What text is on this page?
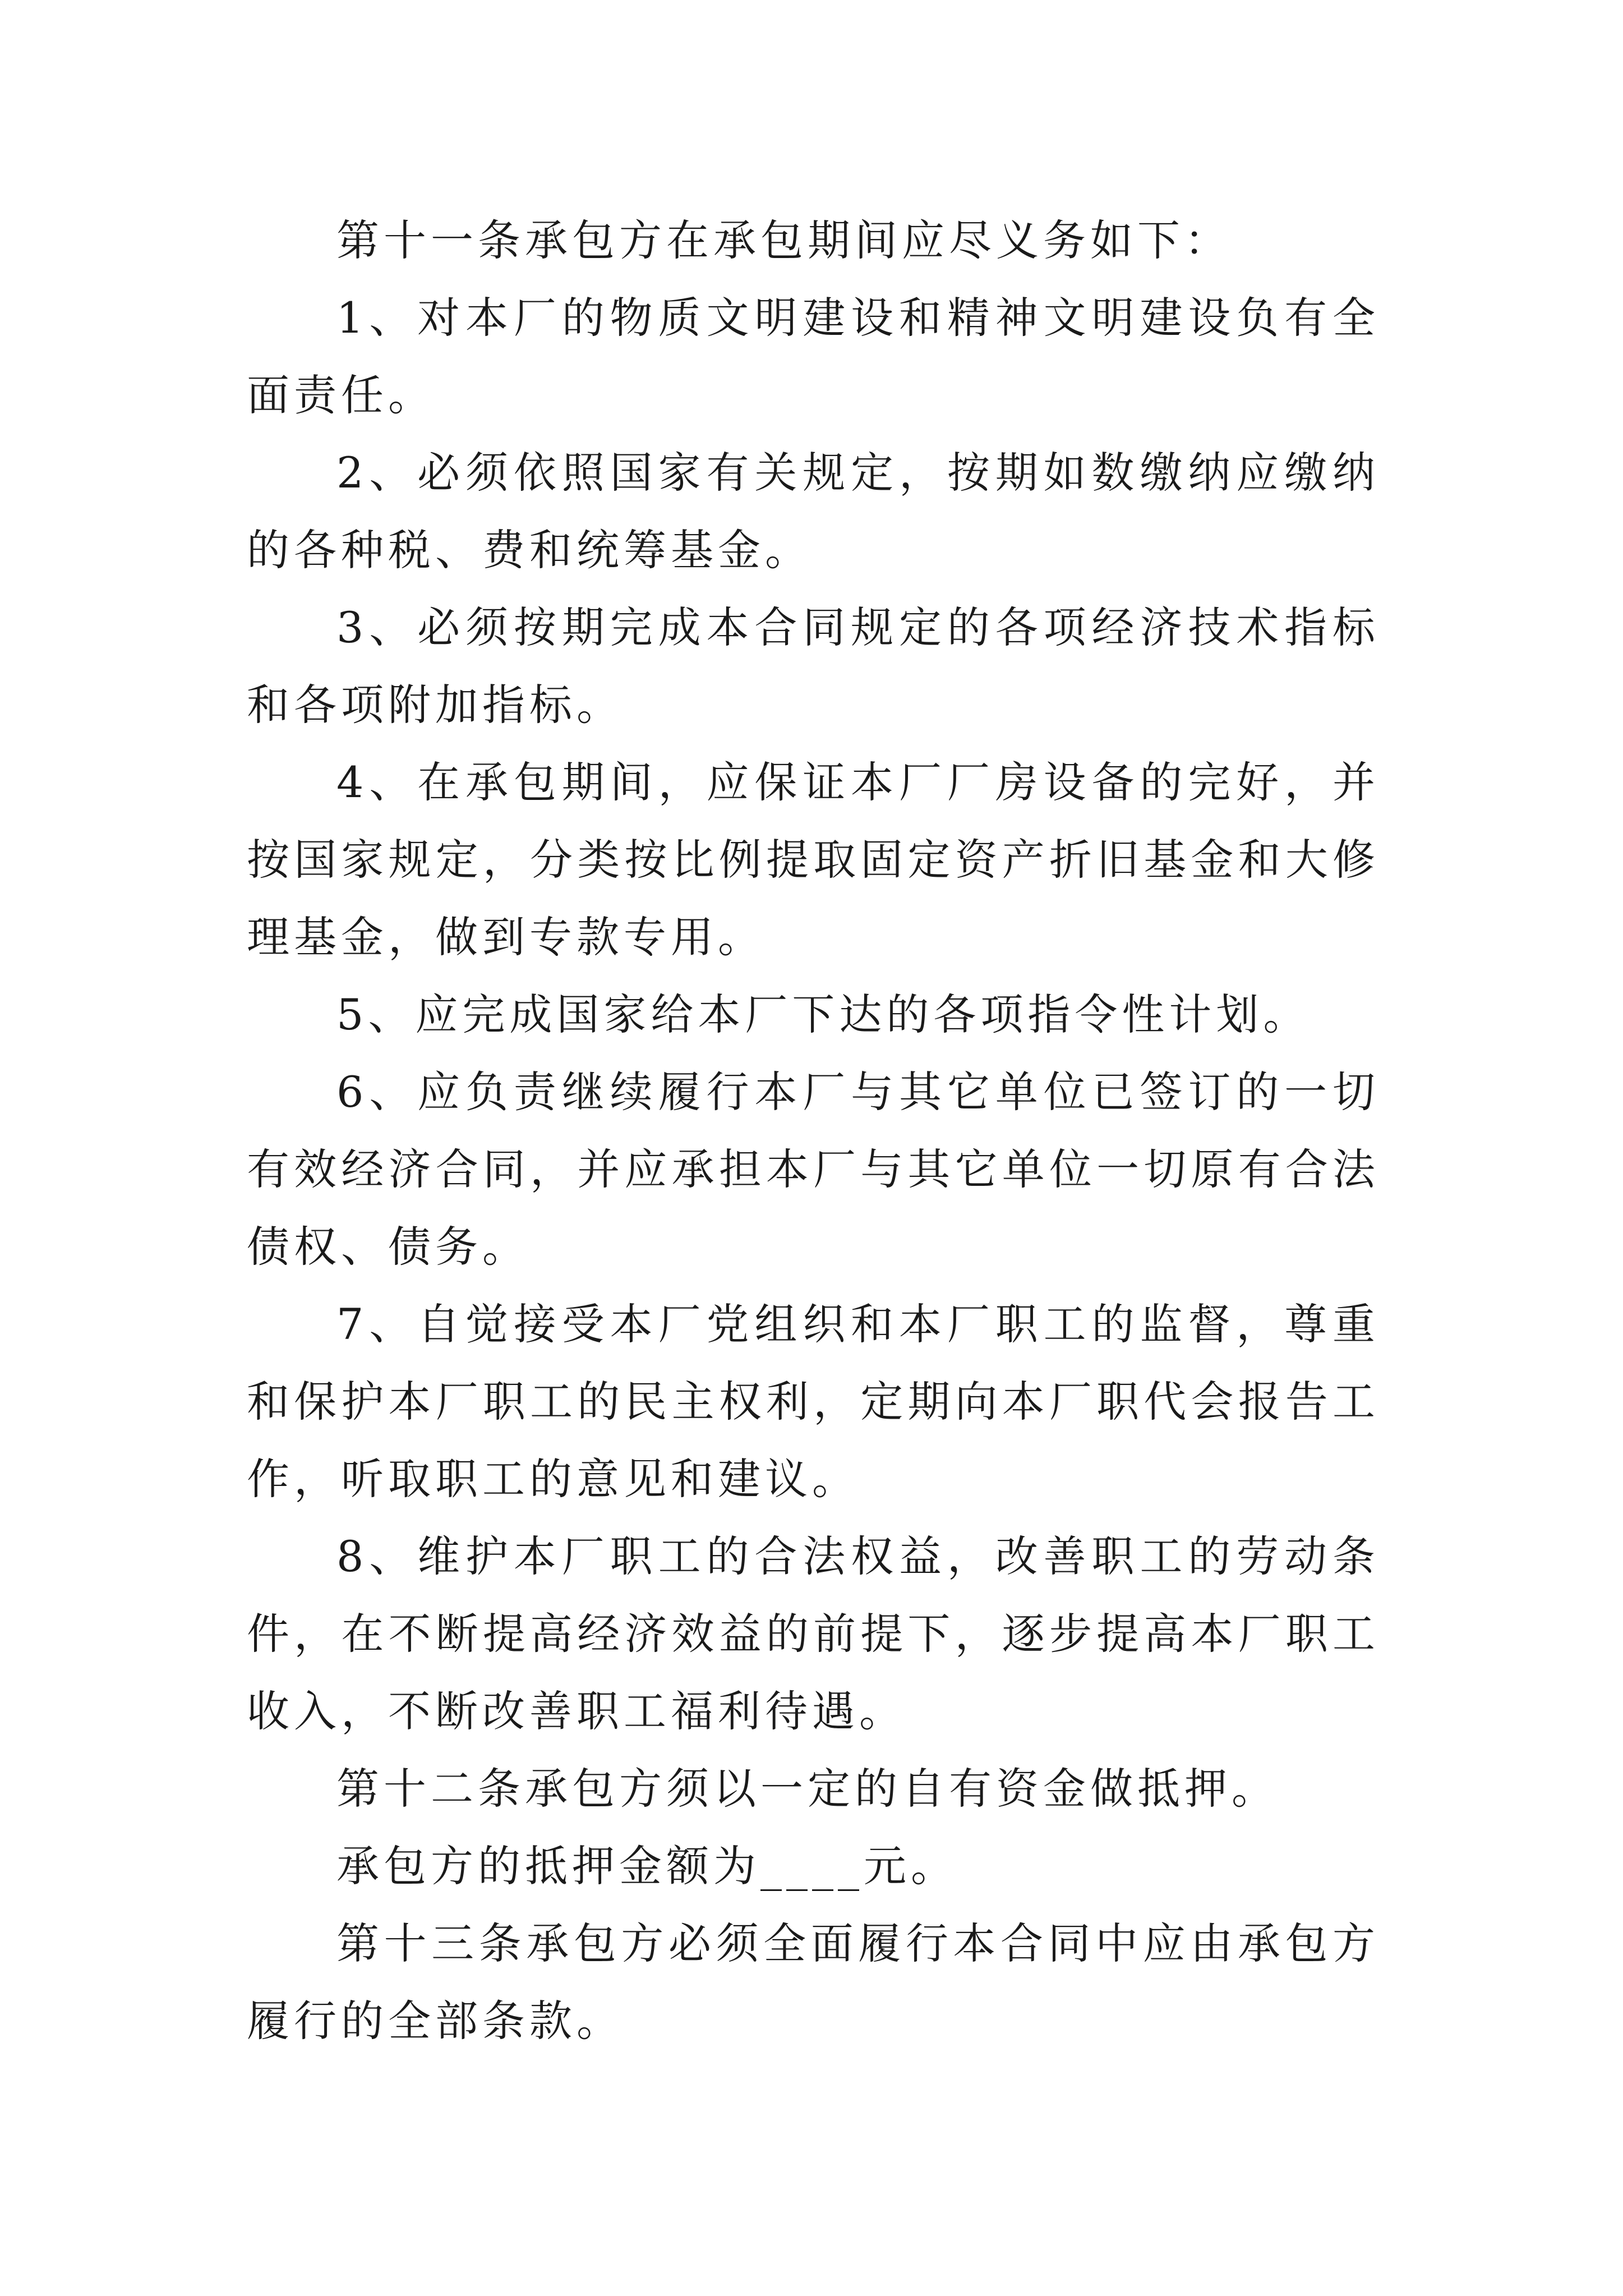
第十一条承包方在承包期间应尽义务如下：

1、对本厂的物质文明建设和精神文明建设负有全面责任。

2、必须依照国家有关规定，按期如数缴纳应缴纳的各种税、费和统筹基金。

3、必须按期完成本合同规定的各项经济技术指标和各项附加指标。

4、在承包期间，应保证本厂厂房设备的完好，并按国家规定，分类按比例提取固定资产折旧基金和大修理基金，做到专款专用。

5、应完成国家给本厂下达的各项指令性计划。

6、应负责继续履行本厂与其它单位已签订的一切有效经济合同，并应承担本厂与其它单位一切原有合法债权、债务。

7、自觉接受本厂党组织和本厂职工的监督，尊重和保护本厂职工的民主权利，定期向本厂职代会报告工作，听取职工的意见和建议。

8、维护本厂职工的合法权益，改善职工的劳动条件，在不断提高经济效益的前提下，逐步提高本厂职工收入，不断改善职工福利待遇。

第十二条承包方须以一定的自有资金做抵押。

承包方的抵押金额为____元。

第十三条承包方必须全面履行本合同中应由承包方履行的全部条款。
